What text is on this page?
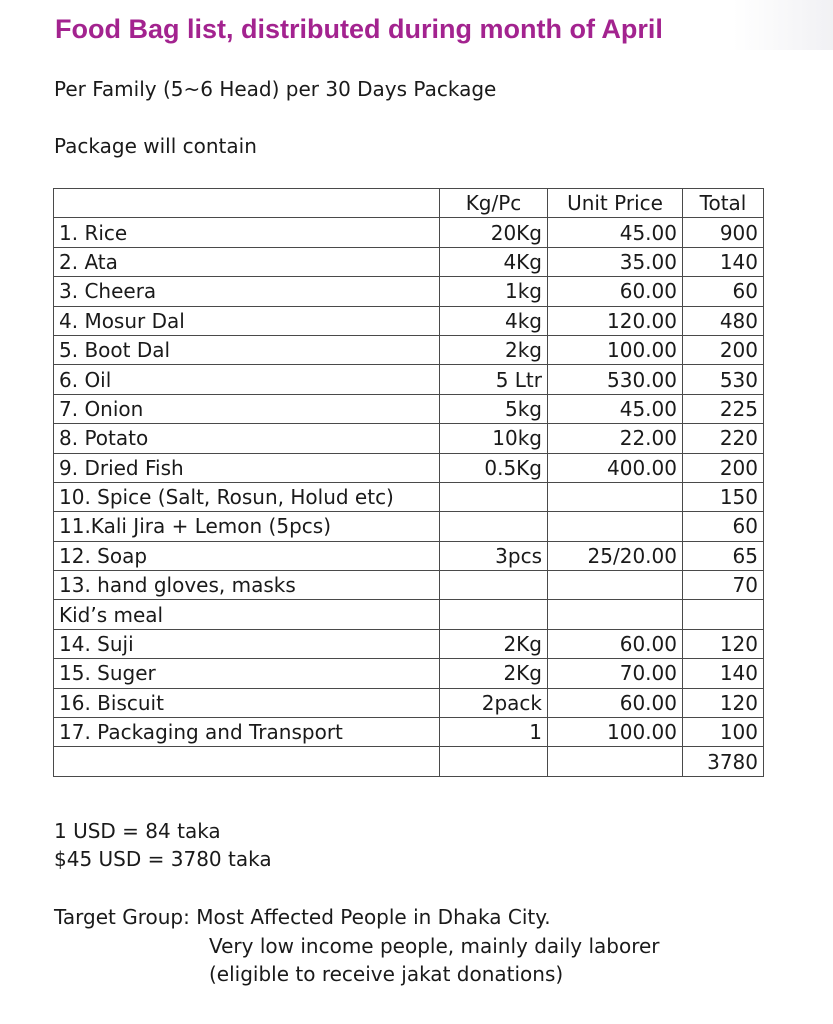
Food Bag list, distributed during month of April
Per Family (5~6 Head) per 30 Days Package
Package will contain
	Kg/Pc	Unit Price	Total
1. Rice	20Kg	45.00	900
2. Ata	4Kg	35.00	140
3. Cheera	1kg	60.00	60
4. Mosur Dal	4kg	120.00	480
5. Boot Dal	2kg	100.00	200
6. Oil	5 Ltr	530.00	530
7. Onion	5kg	45.00	225
8. Potato	10kg	22.00	220
9. Dried Fish	0.5Kg	400.00	200
10. Spice (Salt, Rosun, Holud etc)			150
11.Kali Jira + Lemon (5pcs)			60
12. Soap	3pcs	25/20.00	65
13. hand gloves, masks			70
Kid’s meal			
14. Suji	2Kg	60.00	120
15. Suger	2Kg	70.00	140
16. Biscuit	2pack	60.00	120
17. Packaging and Transport	1	100.00	100
			3780
1 USD = 84 taka
$45 USD = 3780 taka
Target Group: Most Affected People in Dhaka City.
Very low income people, mainly daily laborer
(eligible to receive jakat donations)
